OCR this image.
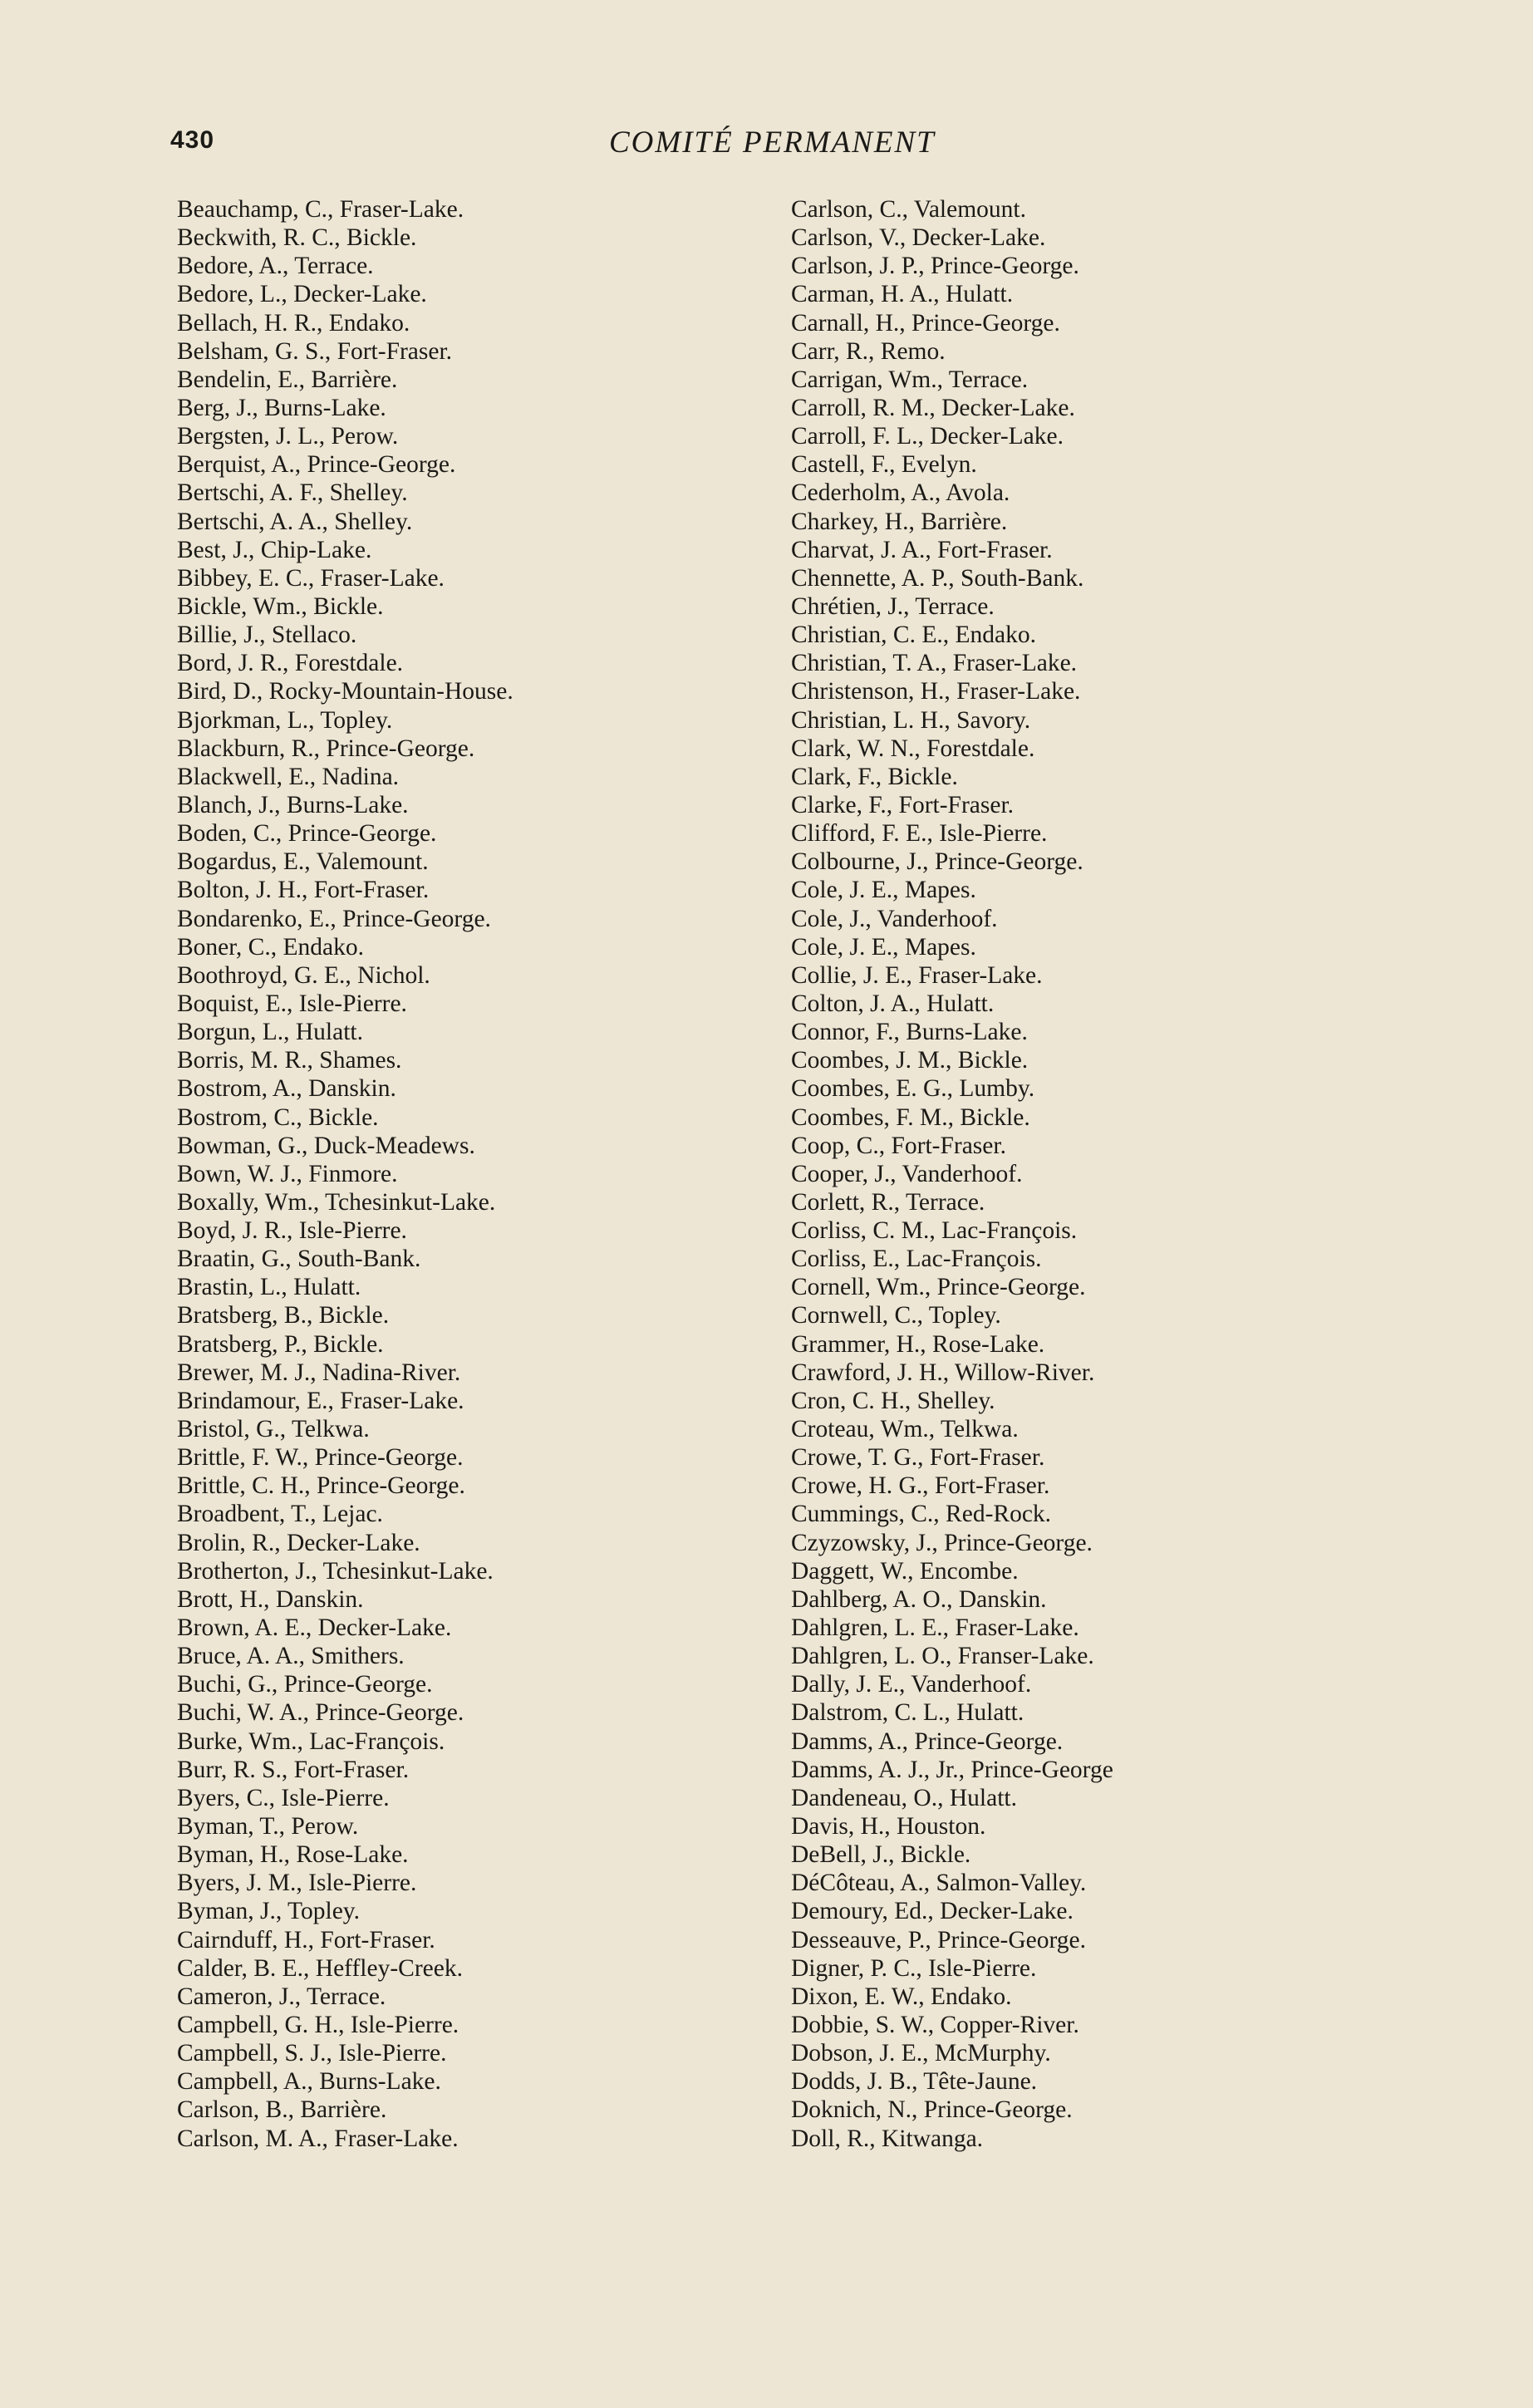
430	COMITÉ PERMANENT
Beauchamp, C., Fraser-Lake.
Beckwith, R. C., Bickle.
Bedore, A., Terrace.
Bedore, L., Decker-Lake.
Bellach, H. R., Endako.
Belsham, G. S., Fort-Fraser.
Bendelin, E., Barrière.
Berg, J., Burns-Lake.
Bergsten, J. L., Perow.
Berquist, A., Prince-George.
Bertschi, A. F., Shelley.
Bertschi, A. A., Shelley.
Best, J., Chip-Lake.
Bibbey, E. C., Fraser-Lake.
Bickle, Wm., Bickle.
Billie, J., Stellaco.
Bord, J. R., Forestdale.
Bird, D., Rocky-Mountain-House.
Bjorkman, L., Topley.
Blackburn, R., Prince-George.
Blackwell, E., Nadina.
Blanch, J., Burns-Lake.
Boden, C., Prince-George.
Bogardus, E., Valemount.
Bolton, J. H., Fort-Fraser.
Bondarenko, E., Prince-George.
Boner, C., Endako.
Boothroyd, G. E., Nichol.
Boquist, E., Isle-Pierre.
Borgun, L., Hulatt.
Borris, M. R., Shames.
Bostrom, A., Danskin.
Bostrom, C., Bickle.
Bowman, G., Duck-Meadews.
Bown, W. J., Finmore.
Boxally, Wm., Tchesinkut-Lake.
Boyd, J. R., Isle-Pierre.
Braatin, G., South-Bank.
Brastin, L., Hulatt.
Bratsberg, B., Bickle.
Bratsberg, P., Bickle.
Brewer, M. J., Nadina-River.
Brindamour, E., Fraser-Lake.
Bristol, G., Telkwa.
Brittle, F. W., Prince-George.
Brittle, C. H., Prince-George.
Broadbent, T., Lejac.
Brolin, R., Decker-Lake.
Brotherton, J., Tchesinkut-Lake.
Brott, H., Danskin.
Brown, A. E., Decker-Lake.
Bruce, A. A., Smithers.
Buchi, G., Prince-George.
Buchi, W. A., Prince-George.
Burke, Wm., Lac-François.
Burr, R. S., Fort-Fraser.
Byers, C., Isle-Pierre.
Byman, T., Perow.
Byman, H., Rose-Lake.
Byers, J. M., Isle-Pierre.
Byman, J., Topley.
Cairnduff, H., Fort-Fraser.
Calder, B. E., Heffley-Creek.
Cameron, J., Terrace.
Campbell, G. H., Isle-Pierre.
Campbell, S. J., Isle-Pierre.
Campbell, A., Burns-Lake.
Carlson, B., Barrière.
Carlson, M. A., Fraser-Lake.
Carlson, C., Valemount.
Carlson, V., Decker-Lake.
Carlson, J. P., Prince-George.
Carman, H. A., Hulatt.
Carnall, H., Prince-George.
Carr, R., Remo.
Carrigan, Wm., Terrace.
Carroll, R. M., Decker-Lake.
Carroll, F. L., Decker-Lake.
Castell, F., Evelyn.
Cederholm, A., Avola.
Charkey, H., Barrière.
Charvat, J. A., Fort-Fraser.
Chennette, A. P., South-Bank.
Chrétien, J., Terrace.
Christian, C. E., Endako.
Christian, T. A., Fraser-Lake.
Christenson, H., Fraser-Lake.
Christian, L. H., Savory.
Clark, W. N., Forestdale.
Clark, F., Bickle.
Clarke, F., Fort-Fraser.
Clifford, F. E., Isle-Pierre.
Colbourne, J., Prince-George.
Cole, J. E., Mapes.
Cole, J., Vanderhoof.
Cole, J. E., Mapes.
Collie, J. E., Fraser-Lake.
Colton, J. A., Hulatt.
Connor, F., Burns-Lake.
Coombes, J. M., Bickle.
Coombes, E. G., Lumby.
Coombes, F. M., Bickle.
Coop, C., Fort-Fraser.
Cooper, J., Vanderhoof.
Corlett, R., Terrace.
Corliss, C. M., Lac-François.
Corliss, E., Lac-François.
Cornell, Wm., Prince-George.
Cornwell, C., Topley.
Grammer, H., Rose-Lake.
Crawford, J. H., Willow-River.
Cron, C. H., Shelley.
Croteau, Wm., Telkwa.
Crowe, T. G., Fort-Fraser.
Crowe, H. G., Fort-Fraser.
Cummings, C., Red-Rock.
Czyzowsky, J., Prince-George.
Daggett, W., Encombe.
Dahlberg, A. O., Danskin.
Dahlgren, L. E., Fraser-Lake.
Dahlgren, L. O., Franser-Lake.
Dally, J. E., Vanderhoof.
Dalstrom, C. L., Hulatt.
Damms, A., Prince-George.
Damms, A. J., Jr., Prince-George
Dandeneau, O., Hulatt.
Davis, H., Houston.
DeBell, J., Bickle.
DéCôteau, A., Salmon-Valley.
Demoury, Ed., Decker-Lake.
Desseauve, P., Prince-George.
Digner, P. C., Isle-Pierre.
Dixon, E. W., Endako.
Dobbie, S. W., Copper-River.
Dobson, J. E., McMurphy.
Dodds, J. B., Tête-Jaune.
Doknich, N., Prince-George.
Doll, R., Kitwanga.
